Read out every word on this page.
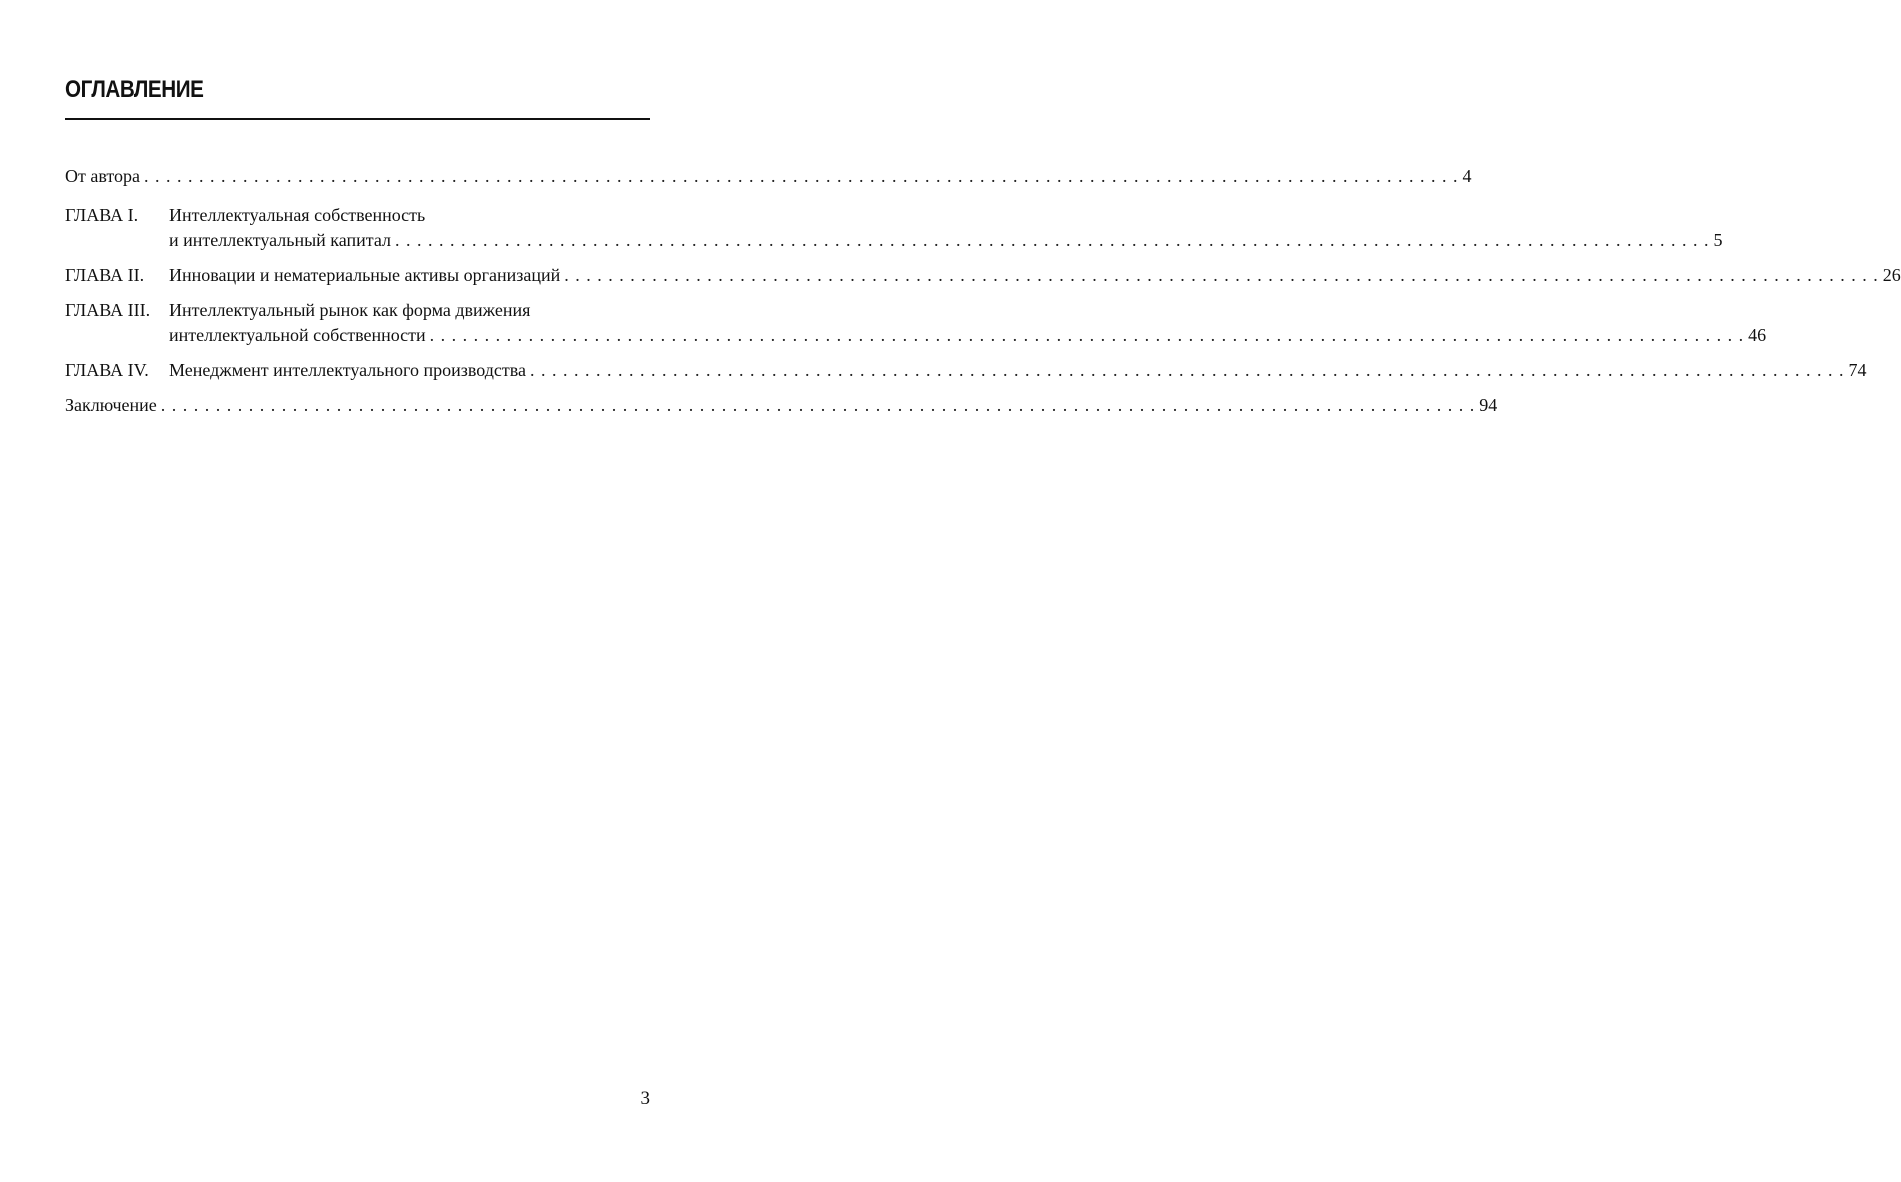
ОГЛАВЛЕНИЕ
От автора . . . . . . . . . . . . . . . . . . . . . . . . . . . . . . . . . . . . . . . . . . . . . . . . . . . . . . . . . . . . . . . . . . . . . . . . . . . . . . . . . . . . . . . . . . . . . . . . . . . . . . . . . . . . . . . . . . . . . . . . 4
ГЛАВА I.	Интеллектуальная собственность
и интеллектуальный капитал . . . . . . . . . . . . . . . . . . . . . . . . . . . . . . . . . . . . . . . . . . . . . . . . . . . . . . . . . . . . . . . . . . . . . . . . . . . . . . . . . . . . . . . . . . . . . . . . . . . . . . . . . . . . . . . . . . . . . . . . 5
ГЛАВА II.	Инновации и нематериальные активы организаций . . . . . . . . . . . . . . . . . . . . . . . . . . . . . . . . . . . . . . . . . . . . . . . . . . . . . . . . . . . . . . . . . . . . . . . . . . . . . . . . . . . . . . . . . . . . . . . . . . . . . . . . . . . . . . . . . . . . . . . . 26
ГЛАВА III.	Интеллектуальный рынок как форма движения
интеллектуальной собственности . . . . . . . . . . . . . . . . . . . . . . . . . . . . . . . . . . . . . . . . . . . . . . . . . . . . . . . . . . . . . . . . . . . . . . . . . . . . . . . . . . . . . . . . . . . . . . . . . . . . . . . . . . . . . . . . . . . . . . . . 46
ГЛАВА IV.	Менеджмент интеллектуального производства . . . . . . . . . . . . . . . . . . . . . . . . . . . . . . . . . . . . . . . . . . . . . . . . . . . . . . . . . . . . . . . . . . . . . . . . . . . . . . . . . . . . . . . . . . . . . . . . . . . . . . . . . . . . . . . . . . . . . . . . 74
Заключение . . . . . . . . . . . . . . . . . . . . . . . . . . . . . . . . . . . . . . . . . . . . . . . . . . . . . . . . . . . . . . . . . . . . . . . . . . . . . . . . . . . . . . . . . . . . . . . . . . . . . . . . . . . . . . . . . . . . . . . . 94
3
